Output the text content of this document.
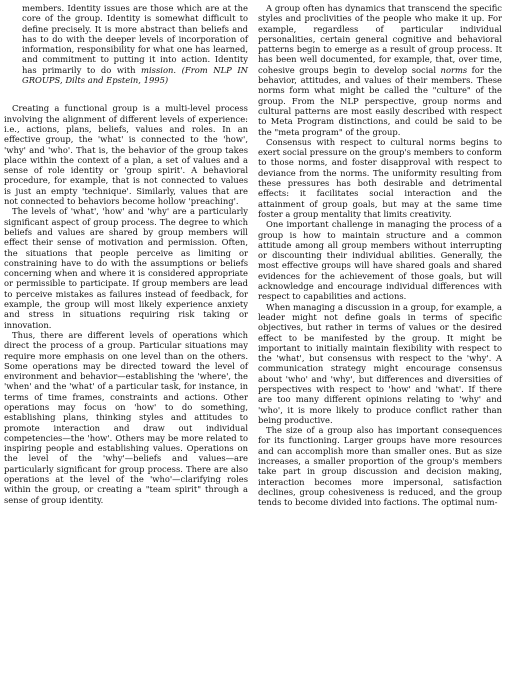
members. Identity issues are those which are at the core of the group. Identity is somewhat difficult to define precisely. It is more abstract than beliefs and has to do with the deeper levels of incorporation of information, responsibility for what one has learned, and commitment to putting it into action. Identity has primarily to do with mission. (From NLP IN GROUPS, Dilts and Epstein, 1995)

Creating a functional group is a multi-level process involving the alignment of different levels of experience: i.e., actions, plans, beliefs, values and roles. In an effective group, the 'what' is connected to the 'how', 'why' and 'who'. That is, the behavior of the group takes place within the context of a plan, a set of values and a sense of role identity or 'group spirit'. A behavioral procedure, for example, that is not connected to values is just an empty 'technique'. Similarly, values that are not connected to behaviors become hollow 'preaching'.

The levels of 'what', 'how' and 'why' are a particularly significant aspect of group process. The degree to which beliefs and values are shared by group members will effect their sense of motivation and permission. Often, the situations that people perceive as limiting or constraining have to do with the assumptions or beliefs concerning when and where it is considered appropriate or permissible to participate. If group members are lead to perceive mistakes as failures instead of feedback, for example, the group will most likely experience anxiety and stress in situations requiring risk taking or innovation.

Thus, there are different levels of operations which direct the process of a group. Particular situations may require more emphasis on one level than on the others. Some operations may be directed toward the level of environment and behavior—establishing the 'where', the 'when' and the 'what' of a particular task, for instance, in terms of time frames, constraints and actions. Other operations may focus on 'how' to do something, establishing plans, thinking styles and attitudes to promote interaction and draw out individual competencies—the 'how'. Others may be more related to inspiring people and establishing values. Operations on the level of the 'why'—beliefs and values—are particularly significant for group process. There are also operations at the level of the 'who'—clarifying roles within the group, or creating a "team spirit" through a sense of group identity.

A group often has dynamics that transcend the specific styles and proclivities of the people who make it up. For example, regardless of particular individual personalities, certain general cognitive and behavioral patterns begin to emerge as a result of group process. It has been well documented, for example, that, over time, cohesive groups begin to develop social norms for the behavior, attitudes, and values of their members. These norms form what might be called the "culture" of the group. From the NLP perspective, group norms and cultural patterns are most easily described with respect to Meta Program distinctions, and could be said to be the "meta program" of the group.

Consensus with respect to cultural norms begins to exert social pressure on the group's members to conform to those norms, and foster disapproval with respect to deviance from the norms. The uniformity resulting from these pressures has both desirable and detrimental effects: it facilitates social interaction and the attainment of group goals, but may at the same time foster a group mentality that limits creativity.

One important challenge in managing the process of a group is how to maintain structure and a common attitude among all group members without interrupting or discounting their individual abilities. Generally, the most effective groups will have shared goals and shared evidences for the achievement of those goals, but will acknowledge and encourage individual differences with respect to capabilities and actions.

When managing a discussion in a group, for example, a leader might not define goals in terms of specific objectives, but rather in terms of values or the desired effect to be manifested by the group. It might be important to initially maintain flexibility with respect to the 'what', but consensus with respect to the 'why'. A communication strategy might encourage consensus about 'who' and 'why', but differences and diversities of perspectives with respect to 'how' and 'what'. If there are too many different opinions relating to 'why' and 'who', it is more likely to produce conflict rather than being productive.

The size of a group also has important consequences for its functioning. Larger groups have more resources and can accomplish more than smaller ones. But as size increases, a smaller proportion of the group's members take part in group discussion and decision making, interaction becomes more impersonal, satisfaction declines, group cohesiveness is reduced, and the group tends to become divided into factions. The optimal num-
